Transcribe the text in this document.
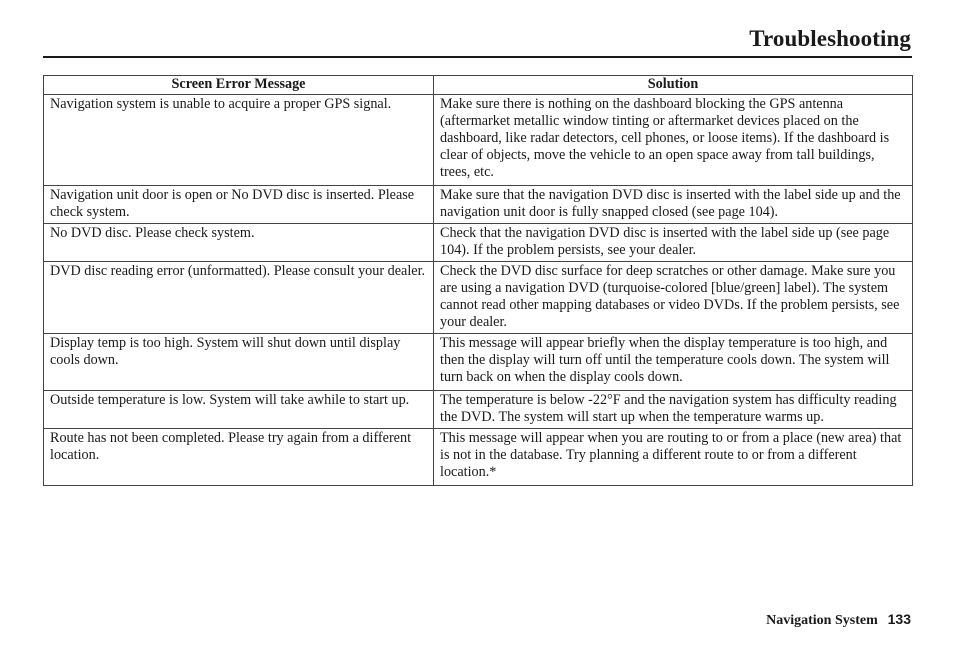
Troubleshooting
Screen Error Message	Solution
Navigation system is unable to acquire a proper GPS signal.	Make sure there is nothing on the dashboard blocking the GPS antenna (aftermarket metallic window tinting or aftermarket devices placed on the dashboard, like radar detectors, cell phones, or loose items). If the dashboard is clear of objects, move the vehicle to an open space away from tall buildings, trees, etc.
Navigation unit door is open or No DVD disc is inserted. Please check system.	Make sure that the navigation DVD disc is inserted with the label side up and the navigation unit door is fully snapped closed (see page 104).
No DVD disc. Please check system.	Check that the navigation DVD disc is inserted with the label side up (see page 104). If the problem persists, see your dealer.
DVD disc reading error (unformatted). Please consult your dealer.	Check the DVD disc surface for deep scratches or other damage. Make sure you are using a navigation DVD (turquoise-colored [blue/green] label). The system cannot read other mapping databases or video DVDs. If the problem persists, see your dealer.
Display temp is too high. System will shut down until display cools down.	This message will appear briefly when the display temperature is too high, and then the display will turn off until the temperature cools down. The system will turn back on when the display cools down.
Outside temperature is low. System will take awhile to start up.	The temperature is below -22°F and the navigation system has difficulty reading the DVD. The system will start up when the temperature warms up.
Route has not been completed. Please try again from a different location.	This message will appear when you are routing to or from a place (new area) that is not in the database. Try planning a different route to or from a different location.*
Navigation System 133
